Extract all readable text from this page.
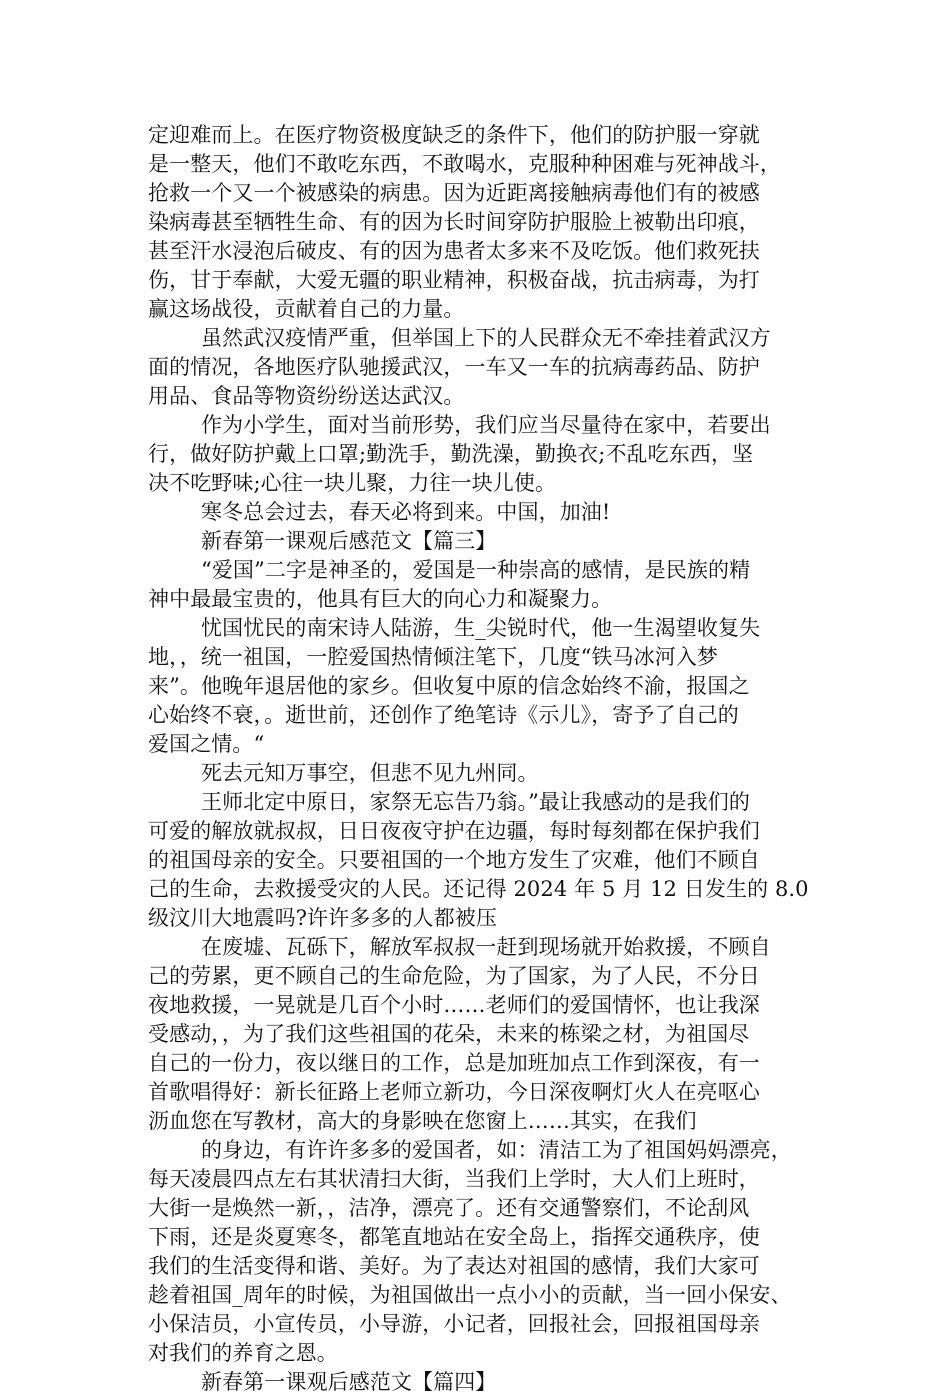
定迎难而上。在医疗物资极度缺乏的条件下，他们的防护服一穿就
是一整天，他们不敢吃东西，不敢喝水，克服种种困难与死神战斗，
抢救一个又一个被感染的病患。因为近距离接触病毒他们有的被感
染病毒甚至牺牲生命、有的因为长时间穿防护服脸上被勒出印痕，
甚至汗水浸泡后破皮、有的因为患者太多来不及吃饭。他们救死扶
伤，甘于奉献，大爱无疆的职业精神，积极奋战，抗击病毒，为打
赢这场战役，贡献着自己的力量。
虽然武汉疫情严重，但举国上下的人民群众无不牵挂着武汉方
面的情况，各地医疗队驰援武汉，一车又一车的抗病毒药品、防护
用品、食品等物资纷纷送达武汉。
作为小学生，面对当前形势，我们应当尽量待在家中，若要出
行，做好防护戴上口罩;勤洗手，勤洗澡，勤换衣;不乱吃东西，坚
决不吃野味;心往一块儿聚，力往一块儿使。
寒冬总会过去，春天必将到来。中国，加油!
新春第一课观后感范文【篇三】
“爱国”二字是神圣的，爱国是一种崇高的感情，是民族的精
神中最最宝贵的，他具有巨大的向心力和凝聚力。
忧国忧民的南宋诗人陆游，生_尖锐时代，他一生渴望收复失
地，，统一祖国，一腔爱国热情倾注笔下，几度“铁马冰河入梦
来”。他晚年退居他的家乡。但收复中原的信念始终不渝，报国之
心始终不衰，。逝世前，还创作了绝笔诗《示儿》，寄予了自己的
爱国之情。“
死去元知万事空，但悲不见九州同。
王师北定中原日，家祭无忘告乃翁。”最让我感动的是我们的
可爱的解放就叔叔，日日夜夜守护在边疆，每时每刻都在保护我们
的祖国母亲的安全。只要祖国的一个地方发生了灾难，他们不顾自
己的生命，去救援受灾的人民。还记得 2024 年 5 月 12 日发生的 8.0
级汶川大地震吗?许许多多的人都被压
在废墟、瓦砾下，解放军叔叔一赶到现场就开始救援，不顾自
己的劳累，更不顾自己的生命危险，为了国家，为了人民，不分日
夜地救援，一晃就是几百个小时……老师们的爱国情怀，也让我深
受感动，，为了我们这些祖国的花朵，未来的栋梁之材，为祖国尽
自己的一份力，夜以继日的工作，总是加班加点工作到深夜，有一
首歌唱得好：新长征路上老师立新功，今日深夜啊灯火人在亮呕心
沥血您在写教材，高大的身影映在您窗上……其实，在我们
的身边，有许许多多的爱国者，如：清洁工为了祖国妈妈漂亮，
每天凌晨四点左右其状清扫大街，当我们上学时，大人们上班时，
大街一是焕然一新，，洁净，漂亮了。还有交通警察们，不论刮风
下雨，还是炎夏寒冬，都笔直地站在安全岛上，指挥交通秩序，使
我们的生活变得和谐、美好。为了表达对祖国的感情，我们大家可
趁着祖国_周年的时候，为祖国做出一点小小的贡献，当一回小保安、
小保洁员，小宣传员，小导游，小记者，回报社会，回报祖国母亲
对我们的养育之恩。
新春第一课观后感范文【篇四】
